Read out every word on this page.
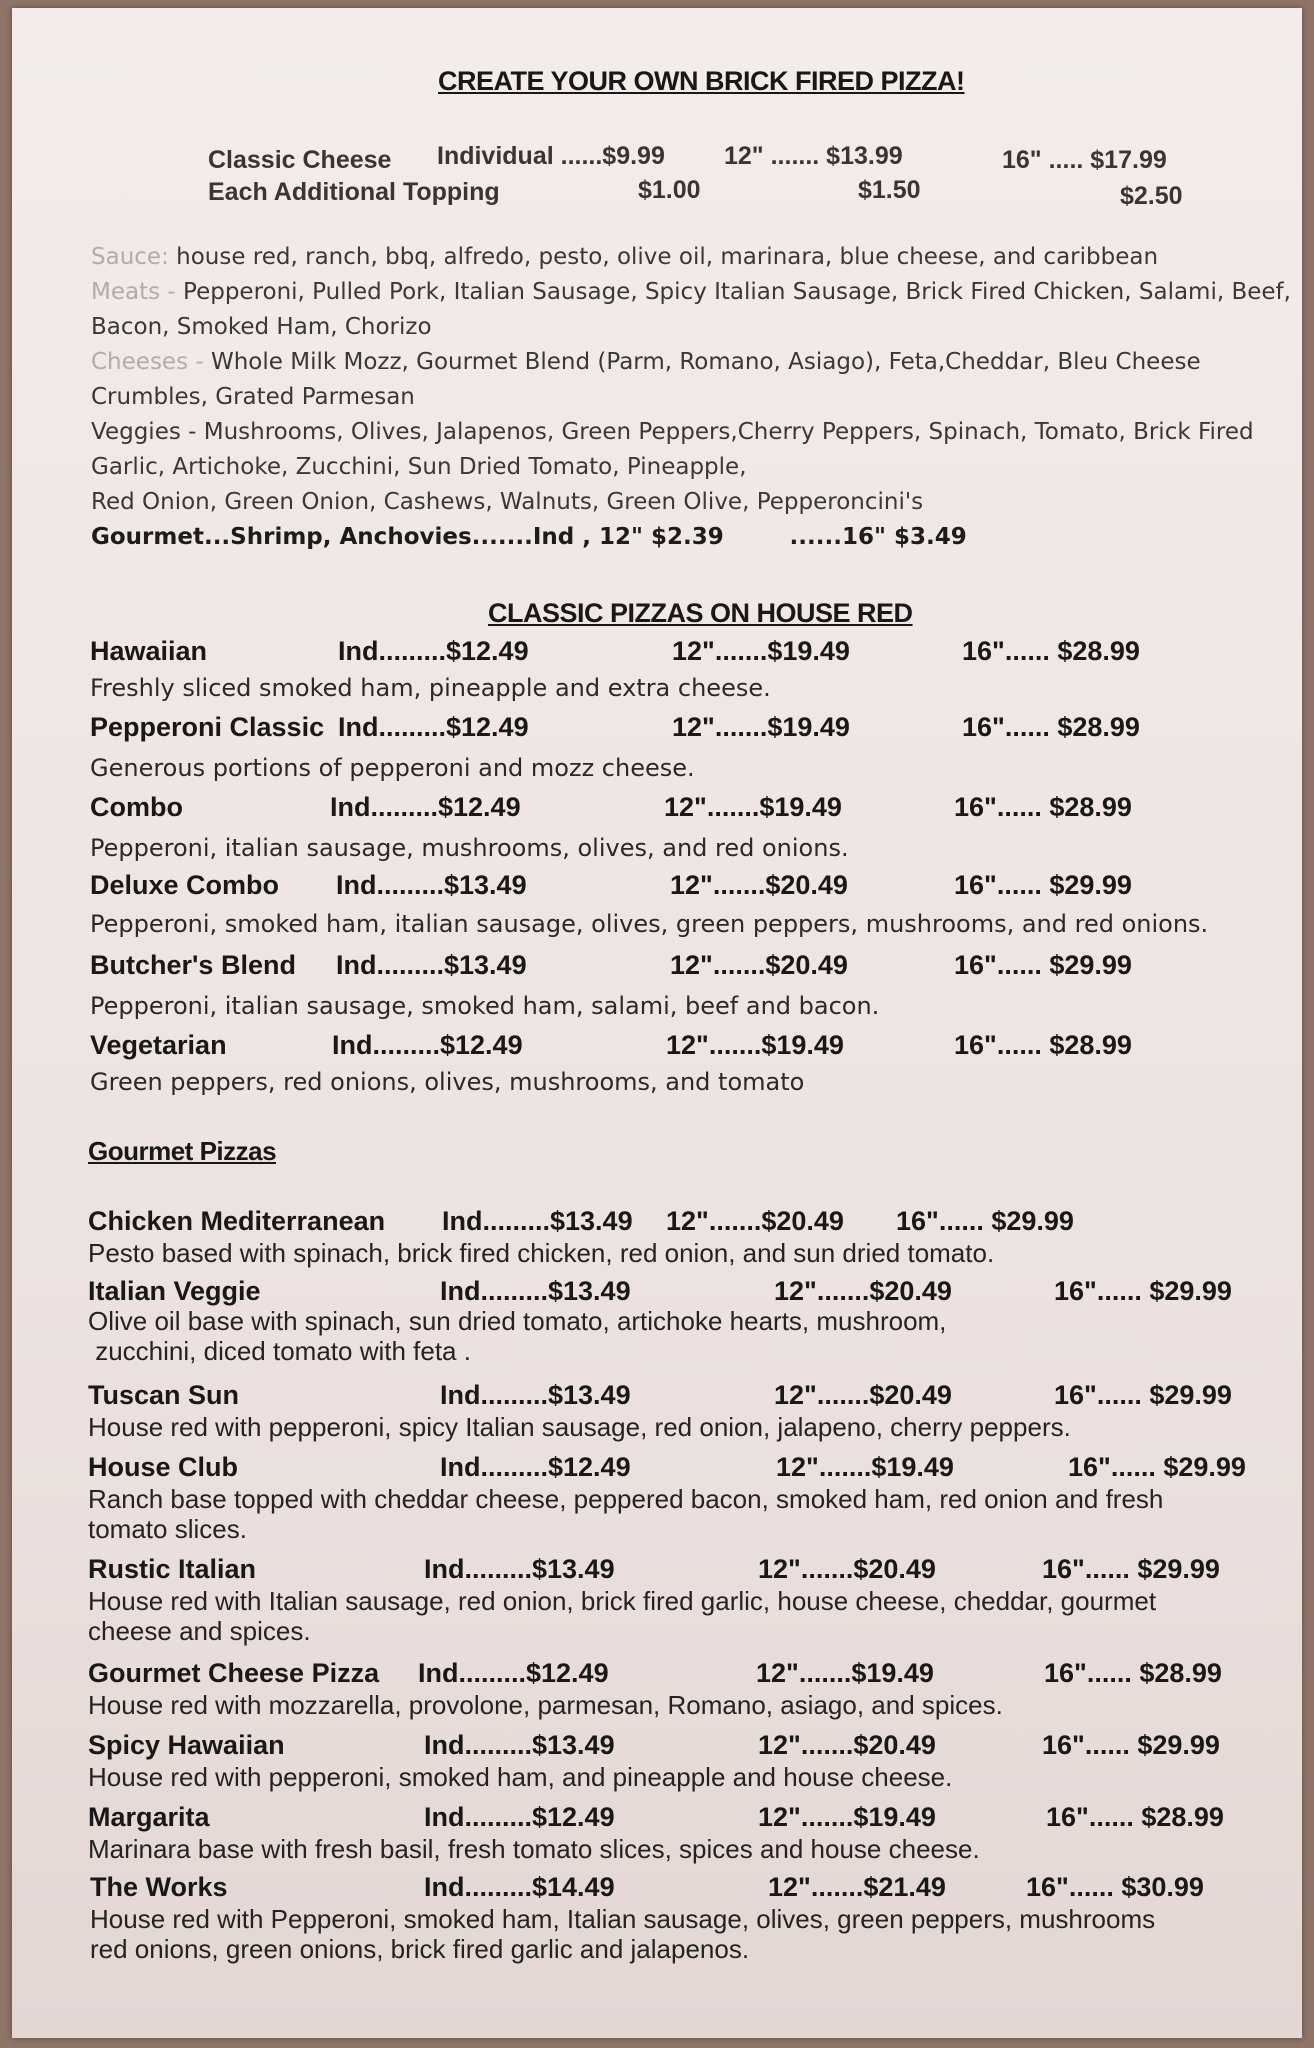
CREATE YOUR OWN BRICK FIRED PIZZA!
Classic Cheese Individual ......$9.99 12" ....... $13.99	16" ..... $17.99
Each Additional Topping	$1.00	$1.50	$2.50

Sauce: house red, ranch, bbq, alfredo, pesto, olive oil, marinara, blue cheese, and caribbean

Meats - Pepperoni, Pulled Pork, Italian Sausage, Spicy Italian Sausage, Brick Fired Chicken, Salami, Beef, Bacon, Smoked Ham, Chorizo

Cheeses - Whole Milk Mozz, Gourmet Blend (Parm, Romano, Asiago), Feta,Cheddar, Bleu Cheese Crumbles, Grated Parmesan

Veggies - Mushrooms, Olives, Jalapenos, Green Peppers,Cherry Peppers, Spinach, Tomato, Brick Fired Garlic, Artichoke, Zucchini, Sun Dried Tomato, Pineapple,

Red Onion, Green Onion, Cashews, Walnuts, Green Olive, Pepperoncini's

Gourmet...Shrimp, Anchovies.......Ind , 12" $2.39	......16" $3.49

CLASSIC PIZZAS ON HOUSE RED
Hawaiian	Ind.........$12.49	12".......$19.49	16"...... $28.99
Freshly sliced smoked ham, pineapple and extra cheese.
Pepperoni Classic Ind.........$12.49	12".......$19.49	16"...... $28.99
Generous portions of pepperoni and mozz cheese.
Combo	Ind.........$12.49	12".......$19.49	16"...... $28.99
Pepperoni, italian sausage, mushrooms, olives, and red onions.
Deluxe Combo Ind.........$13.49	12".......$20.49	16"...... $29.99
Pepperoni, smoked ham, italian sausage, olives, green peppers, mushrooms, and red onions.
Butcher's Blend Ind.........$13.49	12".......$20.49	16"...... $29.99
Pepperoni, italian sausage, smoked ham, salami, beef and bacon.
Vegetarian	Ind.........$12.49	12".......$19.49	16"...... $28.99
Green peppers, red onions, olives, mushrooms, and tomato
Gourmet Pizzas
Chicken Mediterranean Ind.........$13.49 12".......$20.49 16"...... $29.99
Pesto based with spinach, brick fired chicken, red onion, and sun dried tomato.
Italian Veggie	Ind.........$13.49	12".......$20.49	16"...... $29.99
Olive oil base with spinach, sun dried tomato, artichoke hearts, mushroom,
zucchini, diced tomato with feta .
Tuscan Sun	Ind.........$13.49	12".......$20.49	16"...... $29.99
House red with pepperoni, spicy Italian sausage, red onion, jalapeno, cherry peppers.
House Club	Ind.........$12.49	12".......$19.49	16"...... $29.99
Ranch base topped with cheddar cheese, peppered bacon, smoked ham, red onion and fresh
tomato slices.
Rustic Italian	Ind.........$13.49	12".......$20.49	16"...... $29.99
House red with Italian sausage, red onion, brick fired garlic, house cheese, cheddar, gourmet
cheese and spices.
Gourmet Cheese Pizza Ind.........$12.49	12".......$19.49	16"...... $28.99
House red with mozzarella, provolone, parmesan, Romano, asiago, and spices.
Spicy Hawaiian	Ind.........$13.49	12".......$20.49	16"...... $29.99
House red with pepperoni, smoked ham, and pineapple and house cheese.
Margarita	Ind.........$12.49	12".......$19.49	16"...... $28.99
Marinara base with fresh basil, fresh tomato slices, spices and house cheese.
The Works	Ind.........$14.49	12".......$21.49	16"...... $30.99
House red with Pepperoni, smoked ham, Italian sausage, olives, green peppers, mushrooms
red onions, green onions, brick fired garlic and jalapenos.
